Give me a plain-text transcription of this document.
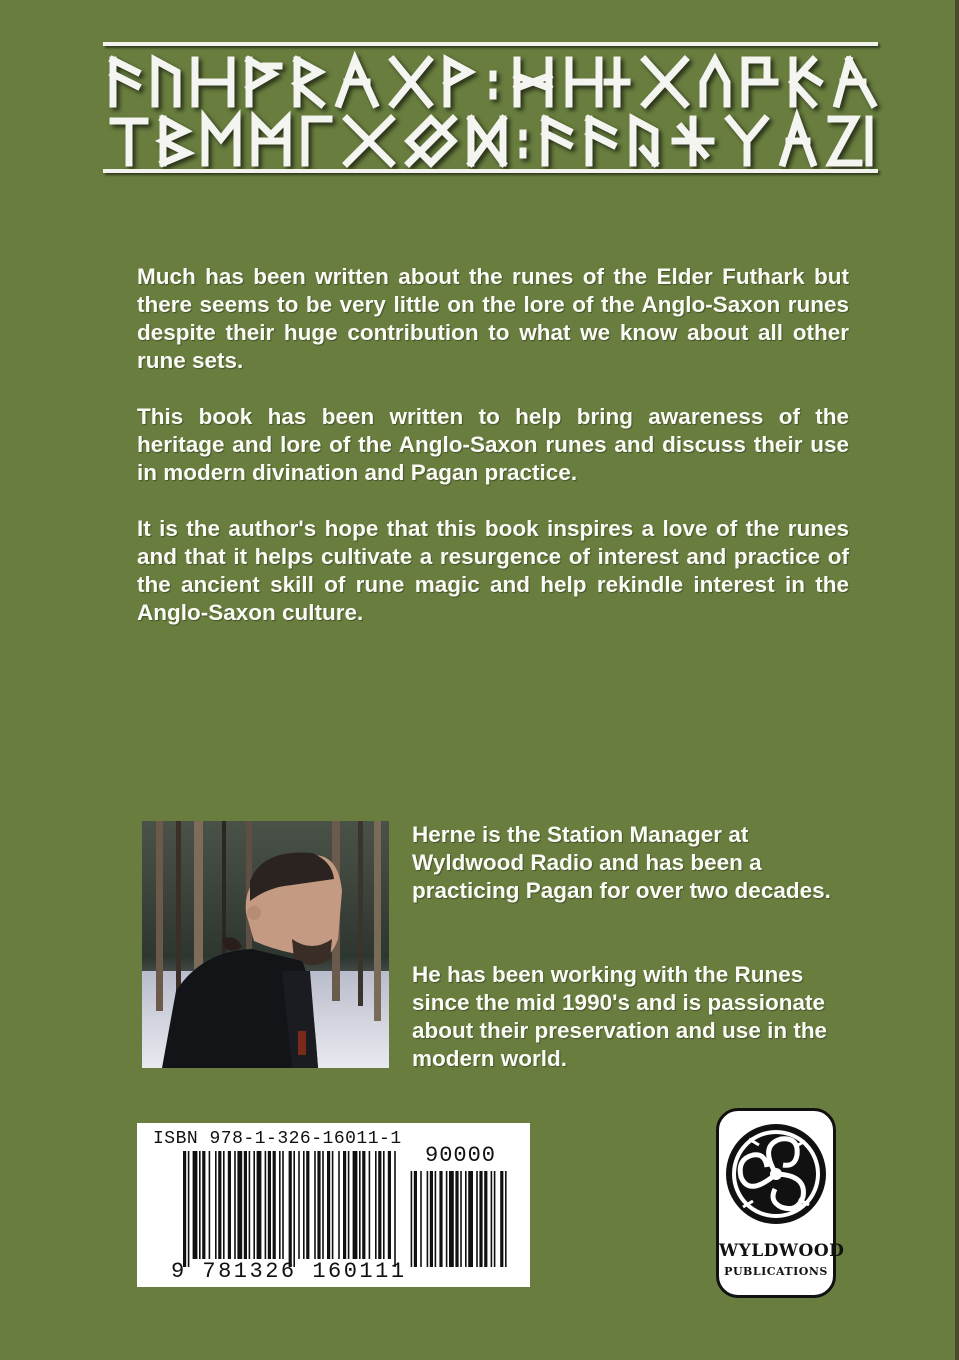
Much has been written about the runes of the Elder Futhark but there seems to be very little on the lore of the Anglo-Saxon runes despite their huge contribution to what we know about all other rune sets.

This book has been written to help bring awareness of the heritage and lore of the Anglo-Saxon runes and discuss their use in modern divination and Pagan practice.

It is the author's hope that this book inspires a love of the runes and that it helps cultivate a resurgence of interest and practice of the ancient skill of rune magic and help rekindle interest in the Anglo-Saxon culture.

Herne is the Station Manager at Wyldwood Radio and has been a practicing Pagan for over two decades.

He has been working with the Runes since the mid 1990's and is passionate about their preservation and use in the modern world.

ISBN 978-1-326-16011-1
90000
9 781326 160111
WYLDWOOD
PUBLICATIONS
